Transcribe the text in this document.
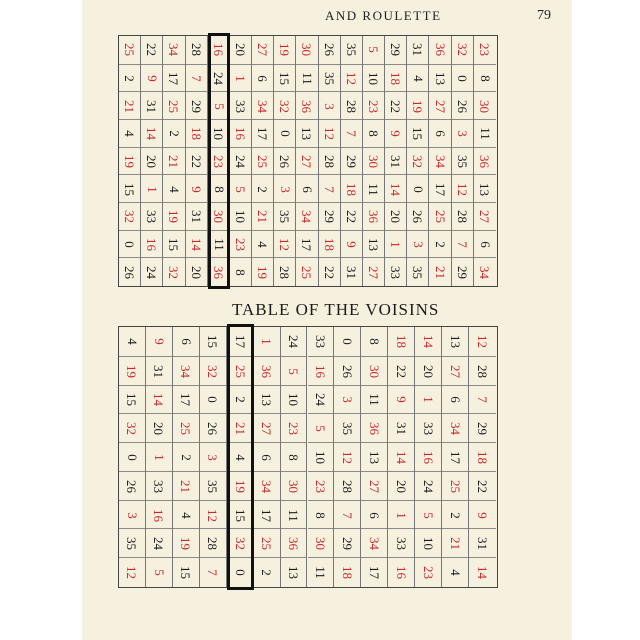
AND ROULETTE	79
25
2
21
4
19
15
32
0
26
22
9
31
14
20
1
33
16
24
34
17
25
2
21
4
19
15
32
28
7
29
18
22
9
31
14
20
16
24
5
10
23
8
30
11
36
20
1
33
16
24
5
10
23
8
27
6
34
17
25
2
21
4
19
19
15
32
0
26
3
35
12
28
30
11
36
13
27
6
34
17
25
26
35
3
12
28
7
29
18
22
35
12
28
7
29
18
22
9
31
5
10
23
8
30
11
36
13
27
29
18
22
9
31
14
20
1
33
31
4
19
15
32
0
26
3
35
36
13
27
6
34
17
25
2
21
32
0
26
3
35
12
28
7
29
23
8
30
11
36
13
27
6
34
TABLE OF THE VOISINS
4
19
15
32
0
26
3
35
12
9
31
14
20
1
33
16
24
5
6
34
17
25
2
21
4
19
15
15
32
0
26
3
35
12
28
7
17
25
2
21
4
19
15
32
0
1
36
13
27
6
34
17
25
2
24
5
10
23
8
30
11
36
13
33
16
24
5
10
23
8
30
11
0
26
3
35
12
28
7
29
18
8
30
11
36
13
27
6
34
17
18
22
9
31
14
20
1
33
16
14
20
1
33
16
24
5
10
23
13
27
6
34
17
25
2
21
4
12
28
7
29
18
22
9
31
14
